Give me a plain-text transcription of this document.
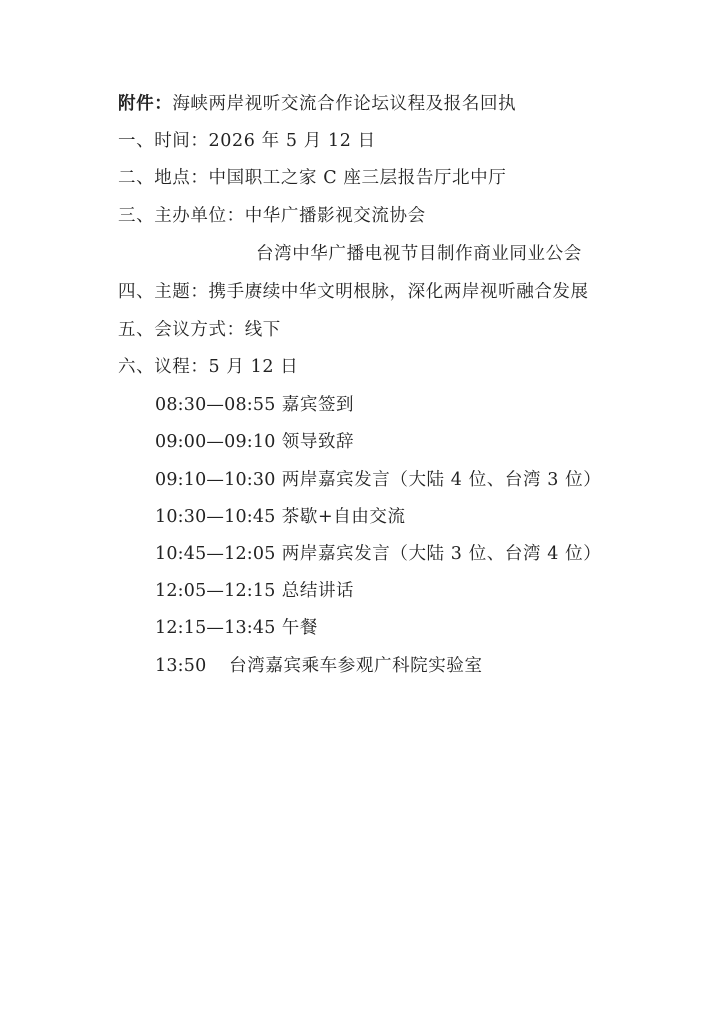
附件：海峡两岸视听交流合作论坛议程及报名回执
一、时间：2026 年 5 月 12 日
二、地点：中国职工之家 C 座三层报告厅北中厅
三、主办单位：中华广播影视交流协会
台湾中华广播电视节目制作商业同业公会
四、主题：携手赓续中华文明根脉，深化两岸视听融合发展
五、会议方式：线下
六、议程：5 月 12 日
08:30—08:55 嘉宾签到
09:00—09:10 领导致辞
09:10—10:30 两岸嘉宾发言（大陆 4 位、台湾 3 位）
10:30—10:45 茶歇+自由交流
10:45—12:05 两岸嘉宾发言（大陆 3 位、台湾 4 位）
12:05—12:15 总结讲话
12:15—13:45 午餐
13:50 台湾嘉宾乘车参观广科院实验室
